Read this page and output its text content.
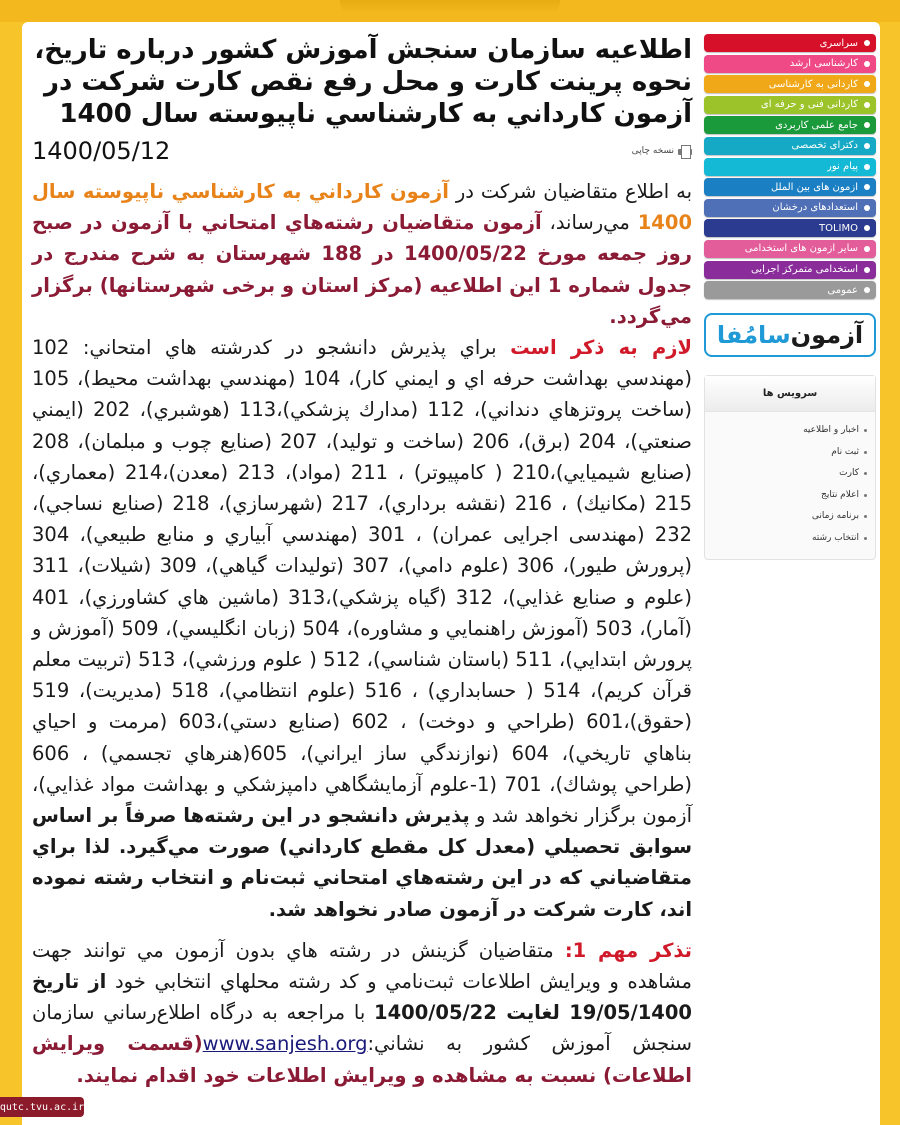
اطلاعیه سازمان سنجش آموزش کشور درباره تاریخ، نحوه پرینت کارت و محل رفع نقص کارت شرکت در آزمون كارداني به كارشناسي ناپيوسته سال 1400
نسخه چاپی
1400/05/12

به اطلاع متقاضیان شرکت در آزمون كارداني به كارشناسي ناپيوسته سال 1400 مي‌رساند، آزمون متقاضیان رشته‌هاي امتحاني با آزمون در صبح روز جمعه مورخ 1400/05/22 در 188 شهرستان به شرح مندرج در جدول شماره 1 این اطلاعیه (مرکز استان و برخی شهرستانها) برگزار مي‌گردد.

لازم به ذکر است براي پذيرش دانشجو در كدرشته هاي امتحاني: 102 (مهندسي بهداشت حرفه اي و ايمني كار)، 104 (مهندسي بهداشت محيط)، 105 (ساخت پروتزهاي دنداني)، 112 (مدارك پزشكي)،113 (هوشبري)، 202 (ايمني صنعتي)، 204 (برق)، 206 (ساخت و توليد)، 207 (صنايع چوب و مبلمان)، 208 (صنايع شيميايي)،210 ( كامپيوتر) ، 211 (مواد)، 213 (معدن)،214 (معماري)، 215 (مكانيك) ، 216 (نقشه برداري)، 217 (شهرسازي)، 218 (صنايع نساجي)، 232 (مهندسی اجرایی عمران) ، 301 (مهندسي آبياري و منابع طبيعي)، 304 (پرورش طيور)، 306 (علوم دامي)، 307 (توليدات گياهي)، 309 (شيلات)، 311 (علوم و صنايع غذايي)، 312 (گياه پزشكي)،313 (ماشين هاي كشاورزي)، 401 (آمار)، 503 (آموزش راهنمايي و مشاوره)، 504 (زبان انگليسي)، 509 (آموزش و پرورش ابتدايي)، 511 (باستان شناسي)، 512 ( علوم ورزشي)، 513 (تربيت معلم قرآن كريم)، 514 ( حسابداري) ، 516 (علوم انتظامي)، 518 (مديريت)، 519 (حقوق)،601 (طراحي و دوخت) ، 602 (صنايع دستي)،603 (مرمت و احياي بناهاي تاريخي)، 604 (نوازندگي ساز ايراني)، 605(هنرهاي تجسمي) ، 606 (طراحي پوشاك)، 701 (1-علوم آزمايشگاهي دامپزشكي و بهداشت مواد غذايي)، آزمون برگزار نخواهد شد و پذيرش دانشجو در این رشته‌ها صرفاً بر اساس سوابق تحصيلي (معدل كل مقطع كارداني) صورت مي‌گيرد. لذا براي متقاضياني كه در اين رشته‌هاي امتحاني ثبت‌نام و انتخاب رشته نموده اند، كارت شركت در آزمون صادر نخواهد شد.

تذکر مهم 1: متقاضيان گزينش در رشته هاي بدون آزمون مي توانند جهت مشاهده و ويرايش اطلاعات ثبت‌نامي و كد رشته محلهاي انتخابي خود از تاريخ 19/05/1400 لغايت 1400/05/22 با مراجعه به درگاه اطلاع‌رساني سازمان سنجش آموزش كشور به نشاني:www.sanjesh.org(قسمت ويرايش اطلاعات) نسبت به مشاهده و ويرايش اطلاعات خود اقدام نمايند.

سراسری
كارشناسی ارشد
كاردانی به كارشناسی
كاردانی فنی و حرفه ای
جامع علمی کاربردی
دكترای تخصصی
پيام نور
آزمون های بین الملل
استعدادهای درخشان
TOLIMO
سایر آزمون های استخدامی
استخدامی متمرکز اجرایی
عمومی
آزمون
سامُفا
سرویس ها
اخبار و اطلاعیه
ثبت نام
كارت
اعلام نتایج
برنامه زمانی
انتخاب رشته
qutc.tvu.ac.ir
